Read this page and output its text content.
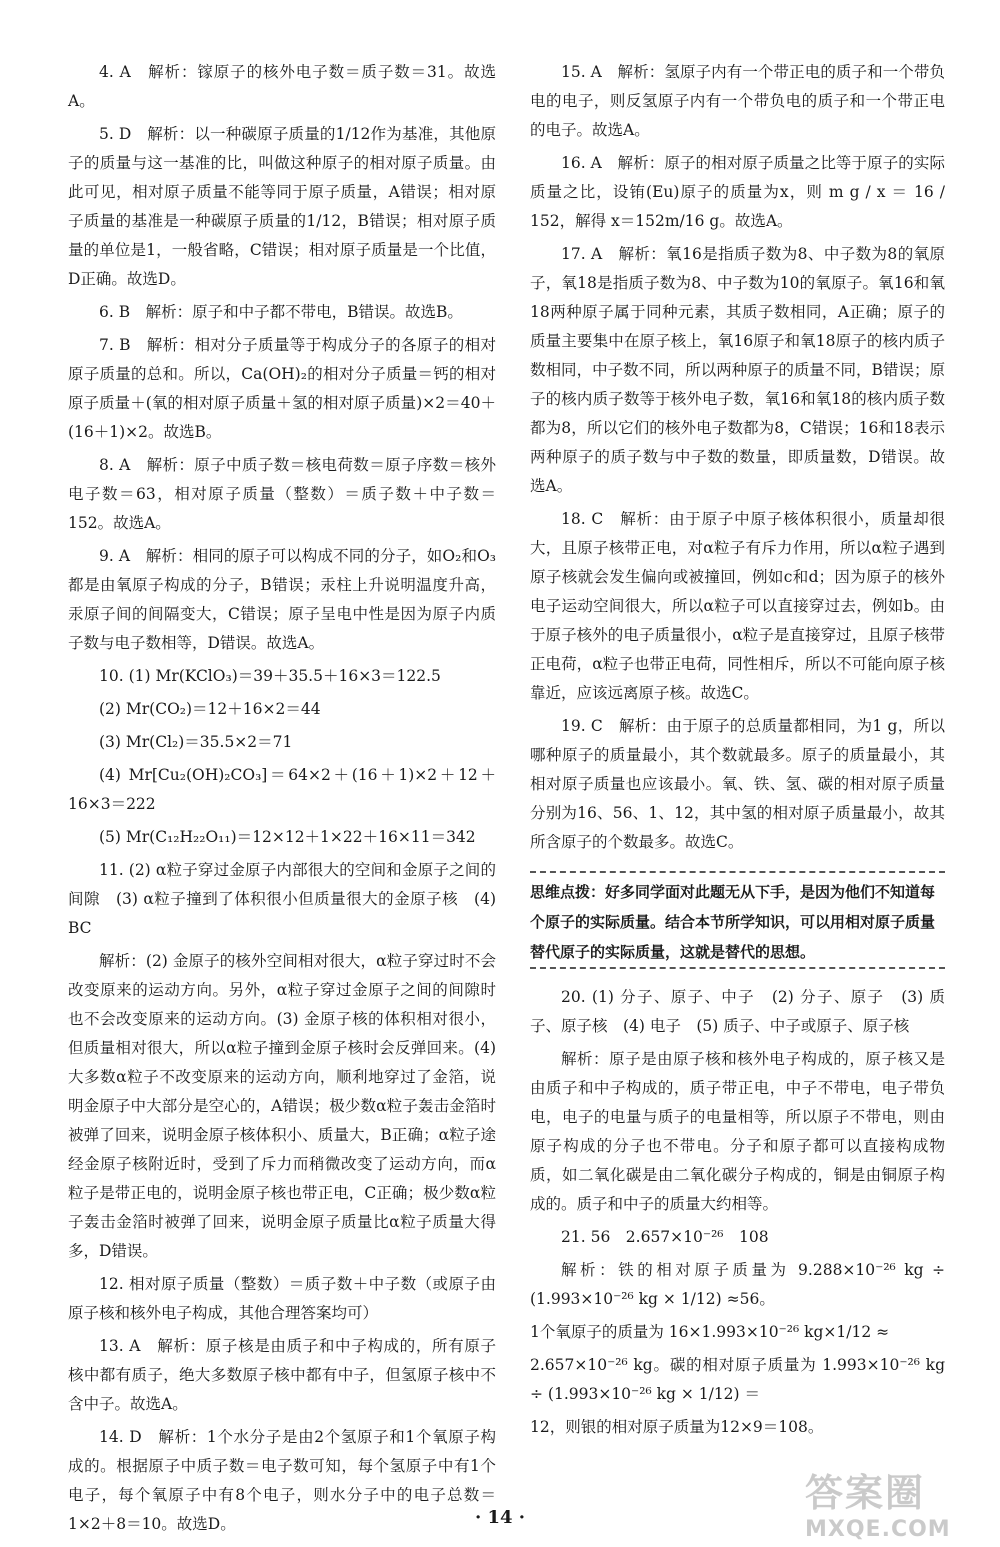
4. A　解析：镓原子的核外电子数＝质子数＝31。故选A。

5. D　解析：以一种碳原子质量的1/12作为基准，其他原子的质量与这一基准的比，叫做这种原子的相对原子质量。由此可见，相对原子质量不能等同于原子质量，A错误；相对原子质量的基准是一种碳原子质量的1/12，B错误；相对原子质量的单位是1，一般省略，C错误；相对原子质量是一个比值，D正确。故选D。

6. B　解析：原子和中子都不带电，B错误。故选B。

7. B　解析：相对分子质量等于构成分子的各原子的相对原子质量的总和。所以，Ca(OH)₂的相对分子质量＝钙的相对原子质量＋(氧的相对原子质量＋氢的相对原子质量)×2＝40＋(16＋1)×2。故选B。

8. A　解析：原子中质子数＝核电荷数＝原子序数＝核外电子数＝63，相对原子质量（整数）＝质子数＋中子数＝152。故选A。

9. A　解析：相同的原子可以构成不同的分子，如O₂和O₃都是由氧原子构成的分子，B错误；汞柱上升说明温度升高，汞原子间的间隔变大，C错误；原子呈电中性是因为原子内质子数与电子数相等，D错误。故选A。

10. (1) Mr(KClO₃)＝39＋35.5＋16×3＝122.5

(2) Mr(CO₂)＝12＋16×2＝44

(3) Mr(Cl₂)＝35.5×2＝71

(4) Mr[Cu₂(OH)₂CO₃]＝64×2＋(16＋1)×2＋12＋16×3＝222

(5) Mr(C₁₂H₂₂O₁₁)＝12×12＋1×22＋16×11＝342

11. (2) α粒子穿过金原子内部很大的空间和金原子之间的间隙　(3) α粒子撞到了体积很小但质量很大的金原子核　(4) BC

解析：(2) 金原子的核外空间相对很大，α粒子穿过时不会改变原来的运动方向。另外，α粒子穿过金原子之间的间隙时也不会改变原来的运动方向。(3) 金原子核的体积相对很小，但质量相对很大，所以α粒子撞到金原子核时会反弹回来。(4) 大多数α粒子不改变原来的运动方向，顺利地穿过了金箔，说明金原子中大部分是空心的，A错误；极少数α粒子轰击金箔时被弹了回来，说明金原子核体积小、质量大，B正确；α粒子途经金原子核附近时，受到了斥力而稍微改变了运动方向，而α粒子是带正电的，说明金原子核也带正电，C正确；极少数α粒子轰击金箔时被弹了回来，说明金原子质量比α粒子质量大得多，D错误。

12. 相对原子质量（整数）＝质子数＋中子数（或原子由原子核和核外电子构成，其他合理答案均可）

13. A　解析：原子核是由质子和中子构成的，所有原子核中都有质子，绝大多数原子核中都有中子，但氢原子核中不含中子。故选A。

14. D　解析：1个水分子是由2个氢原子和1个氧原子构成的。根据原子中质子数＝电子数可知，每个氢原子中有1个电子，每个氧原子中有8个电子，则水分子中的电子总数＝1×2＋8＝10。故选D。

15. A　解析：氢原子内有一个带正电的质子和一个带负电的电子，则反氢原子内有一个带负电的质子和一个带正电的电子。故选A。

16. A　解析：原子的相对原子质量之比等于原子的实际质量之比，设铕(Eu)原子的质量为x，则 m g / x ＝ 16 / 152，解得 x＝152m/16 g。故选A。

17. A　解析：氧16是指质子数为8、中子数为8的氧原子，氧18是指质子数为8、中子数为10的氧原子。氧16和氧18两种原子属于同种元素，其质子数相同，A正确；原子的质量主要集中在原子核上，氧16原子和氧18原子的核内质子数相同，中子数不同，所以两种原子的质量不同，B错误；原子的核内质子数等于核外电子数，氧16和氧18的核内质子数都为8，所以它们的核外电子数都为8，C错误；16和18表示两种原子的质子数与中子数的数量，即质量数，D错误。故选A。

18. C　解析：由于原子中原子核体积很小，质量却很大，且原子核带正电，对α粒子有斥力作用，所以α粒子遇到原子核就会发生偏向或被撞回，例如c和d；因为原子的核外电子运动空间很大，所以α粒子可以直接穿过去，例如b。由于原子核外的电子质量很小，α粒子是直接穿过，且原子核带正电荷，α粒子也带正电荷，同性相斥，所以不可能向原子核靠近，应该远离原子核。故选C。

19. C　解析：由于原子的总质量都相同，为1 g，所以哪种原子的质量最小，其个数就最多。原子的质量最小，其相对原子质量也应该最小。氧、铁、氢、碳的相对原子质量分别为16、56、1、12，其中氢的相对原子质量最小，故其所含原子的个数最多。故选C。

思维点拨：好多同学面对此题无从下手，是因为他们不知道每个原子的实际质量。结合本节所学知识，可以用相对原子质量替代原子的实际质量，这就是替代的思想。

20. (1) 分子、原子、中子　(2) 分子、原子　(3) 质子、原子核　(4) 电子　(5) 质子、中子或原子、原子核

解析：原子是由原子核和核外电子构成的，原子核又是由质子和中子构成的，质子带正电，中子不带电，电子带负电，电子的电量与质子的电量相等，所以原子不带电，则由原子构成的分子也不带电。分子和原子都可以直接构成物质，如二氧化碳是由二氧化碳分子构成的，铜是由铜原子构成的。质子和中子的质量大约相等。

21. 56　2.657×10⁻²⁶　108

解析：铁的相对原子质量为 9.288×10⁻²⁶ kg ÷ (1.993×10⁻²⁶ kg × 1/12) ≈56。

1个氧原子的质量为 16×1.993×10⁻²⁶ kg×1/12 ≈

2.657×10⁻²⁶ kg。碳的相对原子质量为 1.993×10⁻²⁶ kg ÷ (1.993×10⁻²⁶ kg × 1/12) ＝

12，则银的相对原子质量为12×9＝108。

· 14 ·
答案圈
MXQE.COM
